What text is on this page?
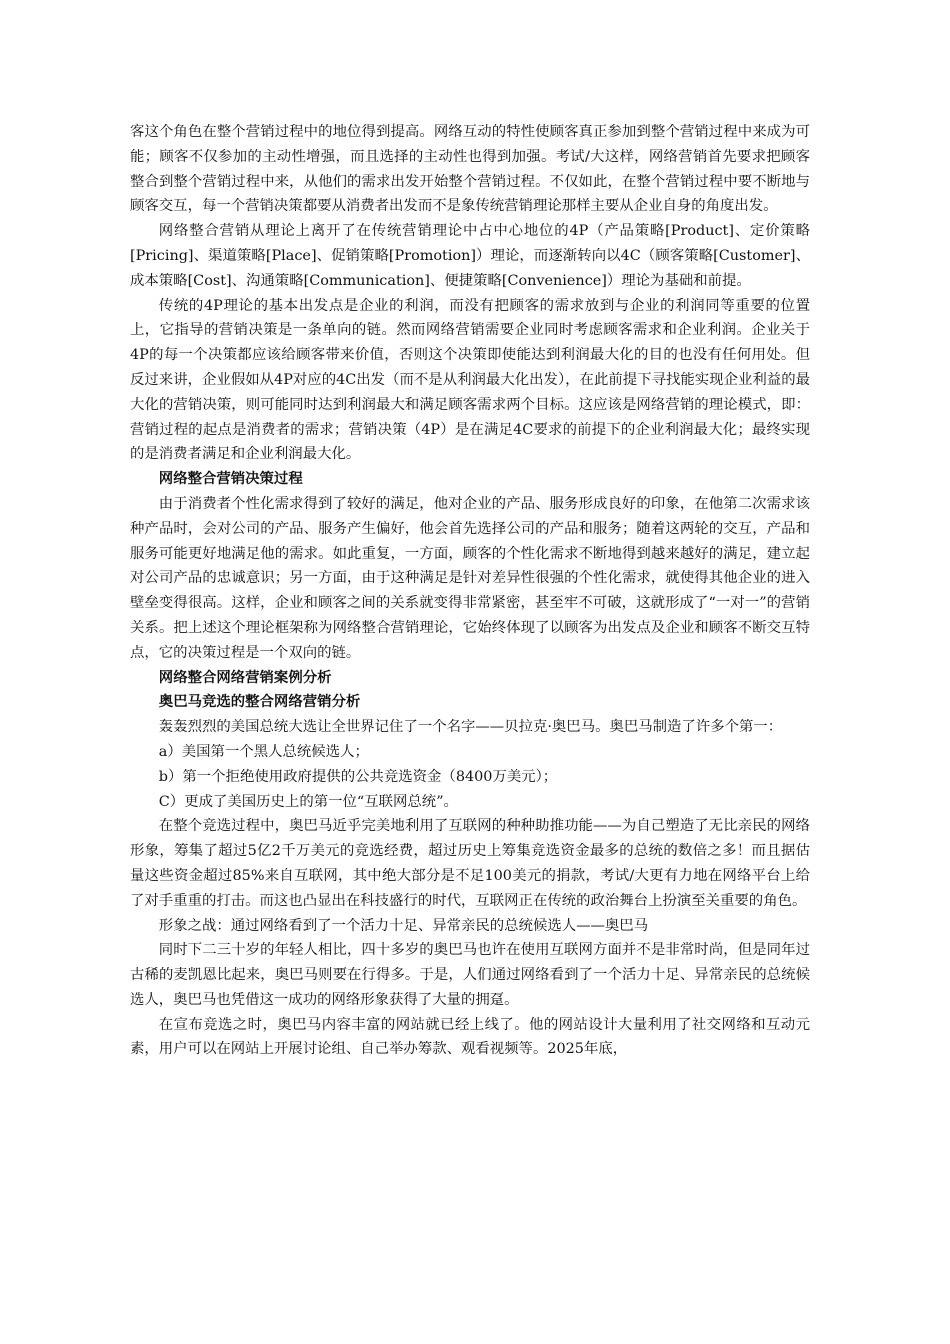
客这个角色在整个营销过程中的地位得到提高。网络互动的特性使顾客真正参加到整个营销过程中来成为可能；顾客不仅参加的主动性增强，而且选择的主动性也得到加强。考试/大这样，网络营销首先要求把顾客整合到整个营销过程中来，从他们的需求出发开始整个营销过程。不仅如此，在整个营销过程中要不断地与顾客交互，每一个营销决策都要从消费者出发而不是象传统营销理论那样主要从企业自身的角度出发。

网络整合营销从理论上离开了在传统营销理论中占中心地位的4P（产品策略[Product]、定价策略[Pricing]、渠道策略[Place]、促销策略[Promotion]）理论，而逐渐转向以4C（顾客策略[Customer]、成本策略[Cost]、沟通策略[Communication]、便捷策略[Convenience]）理论为基础和前提。

传统的4P理论的基本出发点是企业的利润，而没有把顾客的需求放到与企业的利润同等重要的位置上，它指导的营销决策是一条单向的链。然而网络营销需要企业同时考虑顾客需求和企业利润。企业关于4P的每一个决策都应该给顾客带来价值，否则这个决策即使能达到利润最大化的目的也没有任何用处。但反过来讲，企业假如从4P对应的4C出发（而不是从利润最大化出发），在此前提下寻找能实现企业利益的最大化的营销决策，则可能同时达到利润最大和满足顾客需求两个目标。这应该是网络营销的理论模式，即：营销过程的起点是消费者的需求；营销决策（4P）是在满足4C要求的前提下的企业利润最大化；最终实现的是消费者满足和企业利润最大化。

网络整合营销决策过程

由于消费者个性化需求得到了较好的满足，他对企业的产品、服务形成良好的印象，在他第二次需求该种产品时，会对公司的产品、服务产生偏好，他会首先选择公司的产品和服务；随着这两轮的交互，产品和服务可能更好地满足他的需求。如此重复，一方面，顾客的个性化需求不断地得到越来越好的满足，建立起对公司产品的忠诚意识；另一方面，由于这种满足是针对差异性很强的个性化需求，就使得其他企业的进入壁垒变得很高。这样，企业和顾客之间的关系就变得非常紧密，甚至牢不可破，这就形成了“一对一”的营销关系。把上述这个理论框架称为网络整合营销理论，它始终体现了以顾客为出发点及企业和顾客不断交互特点，它的决策过程是一个双向的链。

网络整合网络营销案例分析

奥巴马竞选的整合网络营销分析

轰轰烈烈的美国总统大选让全世界记住了一个名字——贝拉克·奥巴马。奥巴马制造了许多个第一：

a）美国第一个黑人总统候选人；

b）第一个拒绝使用政府提供的公共竞选资金（8400万美元）；

C）更成了美国历史上的第一位“互联网总统”。

在整个竞选过程中，奥巴马近乎完美地利用了互联网的种种助推功能——为自己塑造了无比亲民的网络形象，筹集了超过5亿2千万美元的竞选经费，超过历史上筹集竞选资金最多的总统的数倍之多！而且据估量这些资金超过85%来自互联网，其中绝大部分是不足100美元的捐款，考试/大更有力地在网络平台上给了对手重重的打击。而这也凸显出在科技盛行的时代，互联网正在传统的政治舞台上扮演至关重要的角色。

形象之战：通过网络看到了一个活力十足、异常亲民的总统候选人——奥巴马

同时下二三十岁的年轻人相比，四十多岁的奥巴马也许在使用互联网方面并不是非常时尚，但是同年过古稀的麦凯恩比起来，奥巴马则要在行得多。于是，人们通过网络看到了一个活力十足、异常亲民的总统候选人，奥巴马也凭借这一成功的网络形象获得了大量的拥趸。

在宣布竞选之时，奥巴马内容丰富的网站就已经上线了。他的网站设计大量利用了社交网络和互动元素，用户可以在网站上开展讨论组、自己举办筹款、观看视频等。2025年底，
